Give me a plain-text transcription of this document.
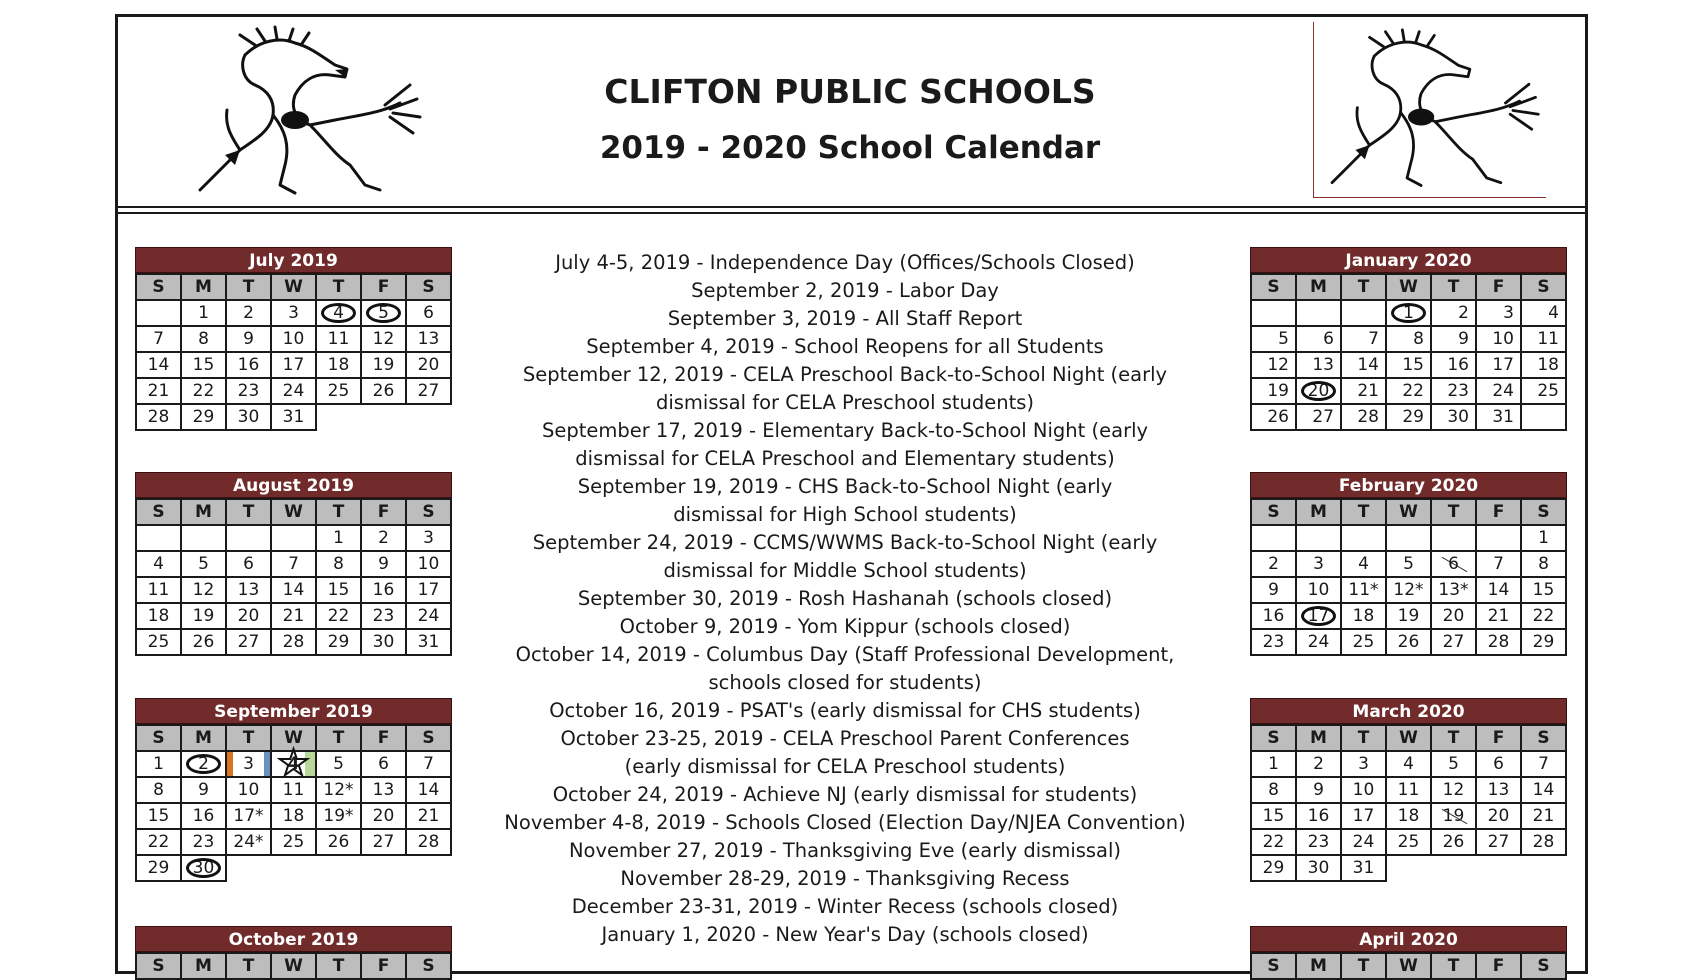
CLIFTON PUBLIC SCHOOLS
2019 - 2020 School Calendar
July 2019
S	M	T	W	T	F	S
1	2	3	4	5	6
7	8	9	10	11	12	13
14	15	16	17	18	19	20
21	22	23	24	25	26	27
28	29	30	31
August 2019
S	M	T	W	T	F	S
1	2	3
4	5	6	7	8	9	10
11	12	13	14	15	16	17
18	19	20	21	22	23	24
25	26	27	28	29	30	31
September 2019
S	M	T	W	T	F	S
1	2	3
★	4	5	6	7
8	9	10	11	12*	13	14
15	16	17*	18	19*	20	21
22	23	24*	25	26	27	28
29	30
October 2019
S	M	T	W	T	F	S
January 2020
S	M	T	W	T	F	S
1	2	3	4
5	6	7	8	9	10	11
12	13	14	15	16	17	18
19	20	21	22	23	24	25
26	27	28	29	30	31
February 2020
S	M	T	W	T	F	S
1
2	3	4	5	6	7	8
9	10	11* 12* 13*	14	15
16	17	18	19	20	21	22
23	24	25	26	27	28	29
March 2020
S	M	T	W	T	F	S
1	2	3	4	5	6	7
8	9	10	11	12	13	14
15	16	17	18	19	20	21
22	23	24	25	26	27	28
29	30	31
April 2020
S	M	T	W	T	F	S
July 4-5, 2019 - Independence Day (Offices/Schools Closed)
September 2, 2019 - Labor Day
September 3, 2019 - All Staff Report
September 4, 2019 - School Reopens for all Students
September 12, 2019 - CELA Preschool Back-to-School Night (early
dismissal for CELA Preschool students)
September 17, 2019 - Elementary Back-to-School Night (early
dismissal for CELA Preschool and Elementary students)
September 19, 2019 - CHS Back-to-School Night (early
dismissal for High School students)
September 24, 2019 - CCMS/WWMS Back-to-School Night (early
dismissal for Middle School students)
September 30, 2019 - Rosh Hashanah (schools closed)
October 9, 2019 - Yom Kippur (schools closed)
October 14, 2019 - Columbus Day (Staff Professional Development,
schools closed for students)
October 16, 2019 - PSAT's (early dismissal for CHS students)
October 23-25, 2019 - CELA Preschool Parent Conferences
(early dismissal for CELA Preschool students)
October 24, 2019 - Achieve NJ (early dismissal for students)
November 4-8, 2019 - Schools Closed (Election Day/NJEA Convention)
November 27, 2019 - Thanksgiving Eve (early dismissal)
November 28-29, 2019 - Thanksgiving Recess
December 23-31, 2019 - Winter Recess (schools closed)
January 1, 2020 - New Year's Day (schools closed)
